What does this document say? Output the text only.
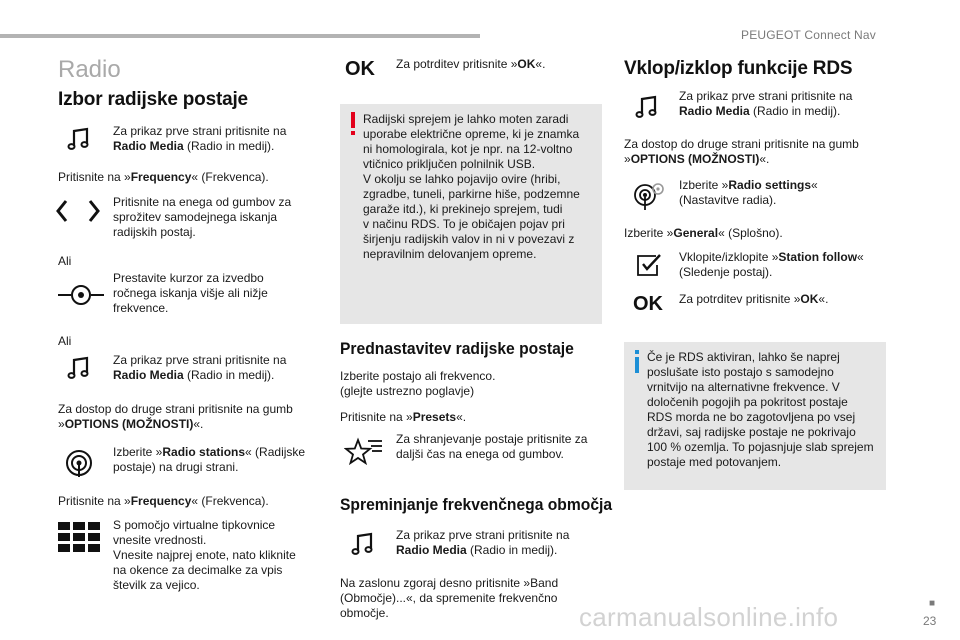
PEUGEOT Connect Nav
■
23
Radio
Izbor radijske postaje
Za prikaz prve strani pritisnite na
Radio Media (Radio in medij).
Pritisnite na »Frequency« (Frekvenca).
Pritisnite na enega od gumbov za
sprožitev samodejnega iskanja
radijskih postaj.
Ali
Prestavite kurzor za izvedbo
ročnega iskanja višje ali nižje
frekvence.
Ali
Za prikaz prve strani pritisnite na
Radio Media (Radio in medij).
Za dostop do druge strani pritisnite na gumb
»OPTIONS (MOŽNOSTI)«.
Izberite »Radio stations« (Radijske
postaje) na drugi strani.
Pritisnite na »Frequency« (Frekvenca).
S pomočjo virtualne tipkovnice
vnesite vrednosti.
Vnesite najprej enote, nato kliknite
na okence za decimalke za vpis
številk za vejico.
OK Za potrditev pritisnite »OK«.
Radijski sprejem je lahko moten zaradi
uporabe električne opreme, ki je znamka
ni homologirala, kot je npr. na 12-voltno
vtičnico priključen polnilnik USB.
V okolju se lahko pojavijo ovire (hribi,
zgradbe, tuneli, parkirne hiše, podzemne
garaže itd.), ki prekinejo sprejem, tudi
v načinu RDS. To je običajen pojav pri
širjenju radijskih valov in ni v povezavi z
nepravilnim delovanjem opreme.
Prednastavitev radijske postaje
Izberite postajo ali frekvenco.
(glejte ustrezno poglavje)
Pritisnite na »Presets«.
Za shranjevanje postaje pritisnite za
daljši čas na enega od gumbov.
Spreminjanje frekvenčnega območja
Za prikaz prve strani pritisnite na
Radio Media (Radio in medij).
Na zaslonu zgoraj desno pritisnite »Band
(Območje)...«, da spremenite frekvenčno
območje.
Vklop/izklop funkcije RDS
Za prikaz prve strani pritisnite na
Radio Media (Radio in medij).
Za dostop do druge strani pritisnite na gumb
»OPTIONS (MOŽNOSTI)«.
Izberite »Radio settings«
(Nastavitve radia).
Izberite »General« (Splošno).
Vklopite/izklopite »Station follow«
(Sledenje postaj).
OK Za potrditev pritisnite »OK«.
Če je RDS aktiviran, lahko še naprej
poslušate isto postajo s samodejno
vrnitvijo na alternativne frekvence. V
določenih pogojih pa pokritost postaje
RDS morda ne bo zagotovljena po vsej
državi, saj radijske postaje ne pokrivajo
100 % ozemlja. To pojasnjuje slab sprejem
postaje med potovanjem.
carmanualsonline.info
